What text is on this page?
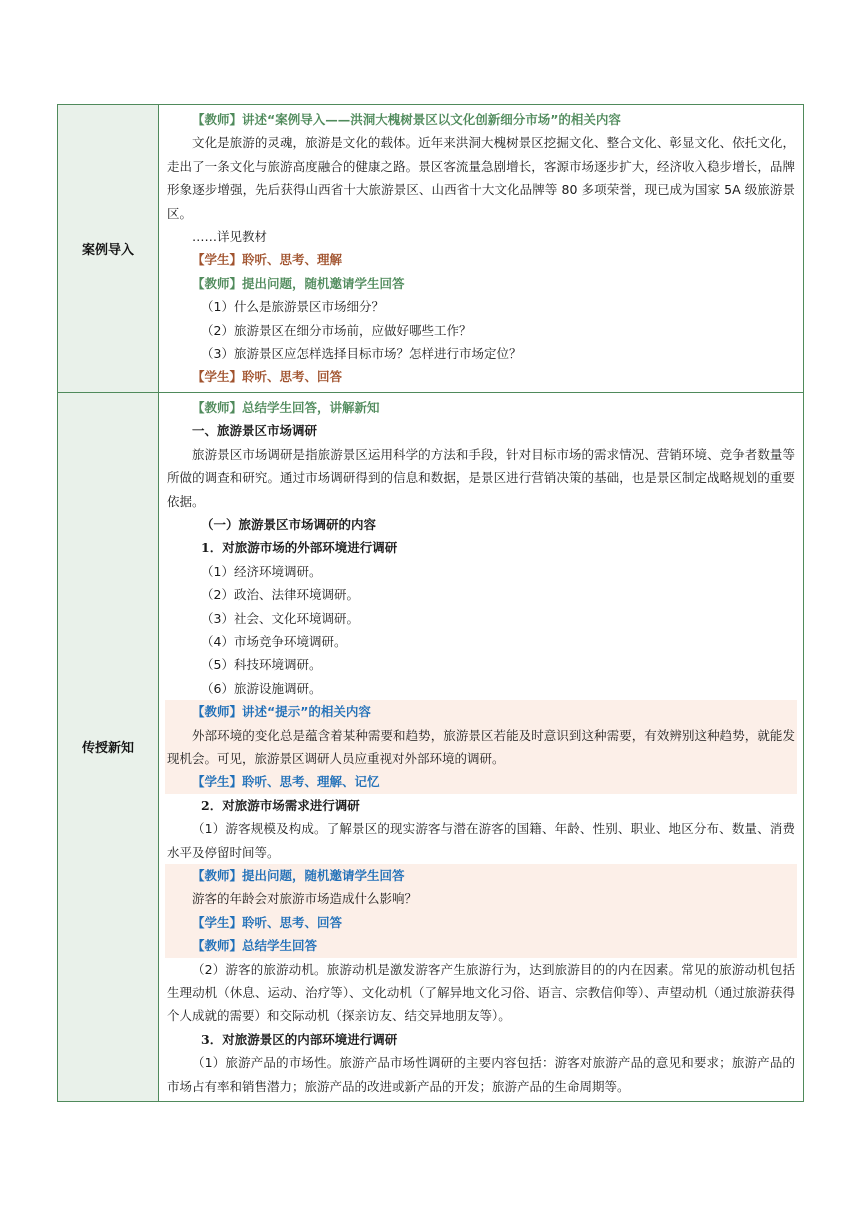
案例导入
【教师】讲述“案例导入——洪洞大槐树景区以文化创新细分市场”的相关内容
文化是旅游的灵魂，旅游是文化的载体。近年来洪洞大槐树景区挖掘文化、整合文化、彰显文化、依托文化，走出了一条文化与旅游高度融合的健康之路。景区客流量急剧增长，客源市场逐步扩大，经济收入稳步增长，品牌形象逐步增强，先后获得山西省十大旅游景区、山西省十大文化品牌等 80 多项荣誉，现已成为国家 5A 级旅游景区。
……详见教材
【学生】聆听、思考、理解
【教师】提出问题，随机邀请学生回答
（1）什么是旅游景区市场细分？
（2）旅游景区在细分市场前，应做好哪些工作？
（3）旅游景区应怎样选择目标市场？怎样进行市场定位？
【学生】聆听、思考、回答
传授新知
【教师】总结学生回答，讲解新知
一、旅游景区市场调研
旅游景区市场调研是指旅游景区运用科学的方法和手段，针对目标市场的需求情况、营销环境、竞争者数量等所做的调查和研究。通过市场调研得到的信息和数据，是景区进行营销决策的基础，也是景区制定战略规划的重要依据。
（一）旅游景区市场调研的内容
1．对旅游市场的外部环境进行调研
（1）经济环境调研。
（2）政治、法律环境调研。
（3）社会、文化环境调研。
（4）市场竞争环境调研。
（5）科技环境调研。
（6）旅游设施调研。
【教师】讲述“提示”的相关内容
外部环境的变化总是蕴含着某种需要和趋势，旅游景区若能及时意识到这种需要，有效辨别这种趋势，就能发现机会。可见，旅游景区调研人员应重视对外部环境的调研。
【学生】聆听、思考、理解、记忆
2．对旅游市场需求进行调研
（1）游客规模及构成。了解景区的现实游客与潜在游客的国籍、年龄、性别、职业、地区分布、数量、消费水平及停留时间等。
【教师】提出问题，随机邀请学生回答
游客的年龄会对旅游市场造成什么影响？
【学生】聆听、思考、回答
【教师】总结学生回答
（2）游客的旅游动机。旅游动机是激发游客产生旅游行为，达到旅游目的的内在因素。常见的旅游动机包括生理动机（休息、运动、治疗等）、文化动机（了解异地文化习俗、语言、宗教信仰等）、声望动机（通过旅游获得个人成就的需要）和交际动机（探亲访友、结交异地朋友等）。
3．对旅游景区的内部环境进行调研
（1）旅游产品的市场性。旅游产品市场性调研的主要内容包括：游客对旅游产品的意见和要求；旅游产品的市场占有率和销售潜力；旅游产品的改进或新产品的开发；旅游产品的生命周期等。
